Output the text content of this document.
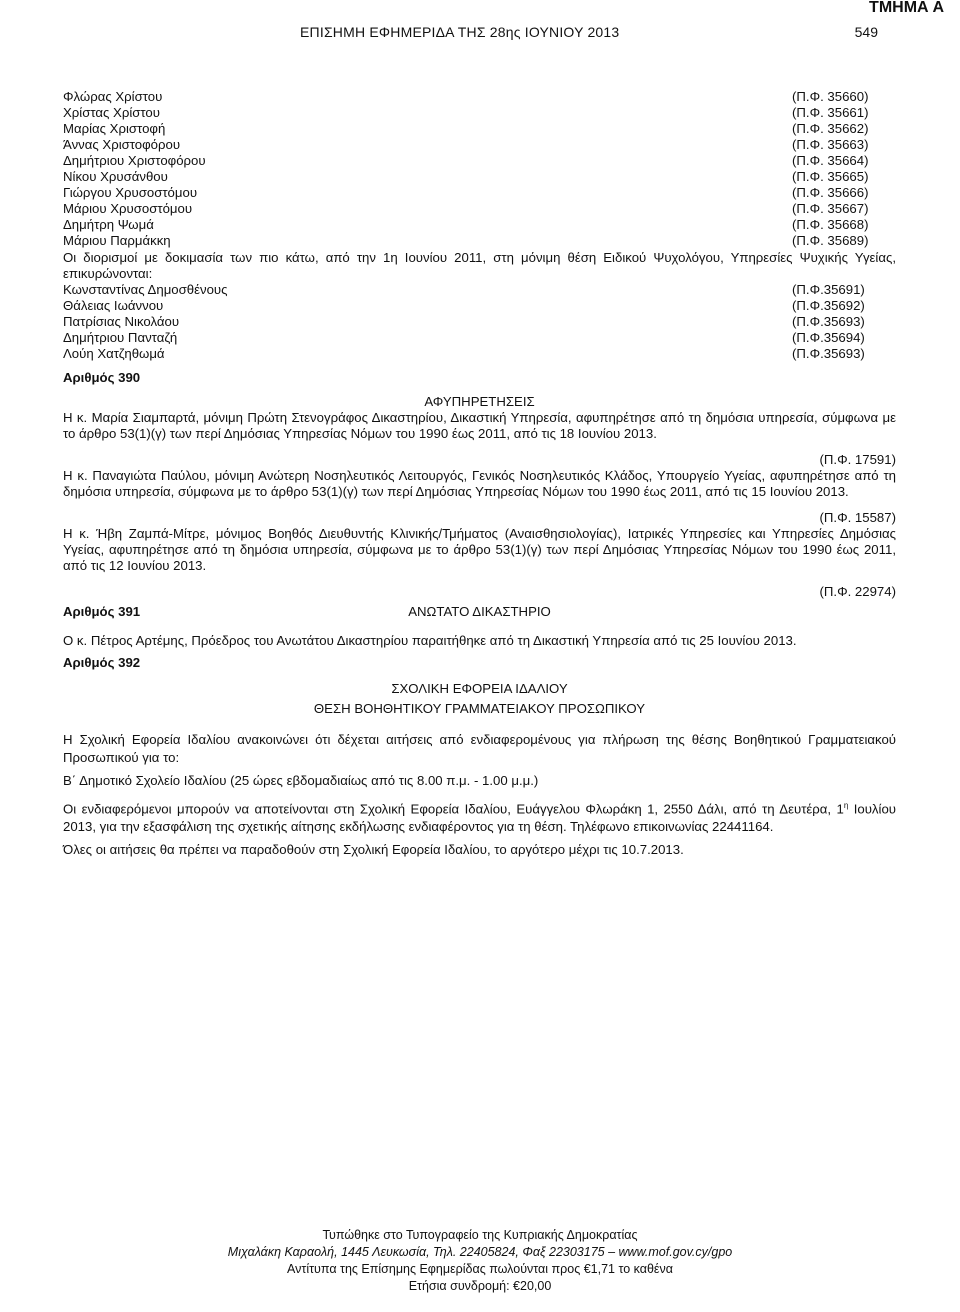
ΤΜΗΜΑ Α
ΕΠΙΣΗΜΗ ΕΦΗΜΕΡΙΔΑ ΤΗΣ 28ης ΙΟΥΝΙΟΥ 2013	549
Φλώρας Χρίστου	(Π.Φ. 35660)
Χρίστας Χρίστου	(Π.Φ. 35661)
Μαρίας Χριστοφή	(Π.Φ. 35662)
Άννας Χριστοφόρου	(Π.Φ. 35663)
Δημήτριου Χριστοφόρου	(Π.Φ. 35664)
Νίκου Χρυσάνθου	(Π.Φ. 35665)
Γιώργου Χρυσοστόμου	(Π.Φ. 35666)
Μάριου Χρυσοστόμου	(Π.Φ. 35667)
Δημήτρη Ψωμά	(Π.Φ. 35668)
Μάριου Παρμάκκη	(Π.Φ. 35689)
Οι διορισμοί με δοκιμασία των πιο κάτω, από την 1η Ιουνίου 2011, στη μόνιμη θέση Ειδικού Ψυχολόγου, Υπηρεσίες Ψυχικής Υγείας, επικυρώνονται:
Κωνσταντίνας Δημοσθένους	(Π.Φ.35691)
Θάλειας Ιωάννου	(Π.Φ.35692)
Πατρίσιας Νικολάου	(Π.Φ.35693)
Δημήτριου Πανταζή	(Π.Φ.35694)
Λούη Χατζηθωμά	(Π.Φ.35693)
Αριθμός 390
ΑΦΥΠΗΡΕΤΗΣΕΙΣ
Η κ. Μαρία Σιαμπαρτά, μόνιμη Πρώτη Στενογράφος Δικαστηρίου, Δικαστική Υπηρεσία, αφυπηρέτησε από τη δημόσια υπηρεσία, σύμφωνα με το άρθρο 53(1)(γ) των περί Δημόσιας Υπηρεσίας Νόμων του 1990 έως 2011, από τις 18 Ιουνίου 2013.
(Π.Φ. 17591)
Η κ. Παναγιώτα Παύλου, μόνιμη Ανώτερη Νοσηλευτικός Λειτουργός, Γενικός Νοσηλευτικός Κλάδος, Υπουργείο Υγείας, αφυπηρέτησε από τη δημόσια υπηρεσία, σύμφωνα με το άρθρο 53(1)(γ) των περί Δημόσιας Υπηρεσίας Νόμων του 1990 έως 2011, από τις 15 Ιουνίου 2013.
(Π.Φ. 15587)
Η κ. Ήβη Ζαμπά-Μίτρε, μόνιμος Βοηθός Διευθυντής Κλινικής/Τμήματος (Αναισθησιολογίας), Ιατρικές Υπηρεσίες και Υπηρεσίες Δημόσιας Υγείας, αφυπηρέτησε από τη δημόσια υπηρεσία, σύμφωνα με το άρθρο 53(1)(γ) των περί Δημόσιας Υπηρεσίας Νόμων του 1990 έως 2011, από τις 12 Ιουνίου 2013.
(Π.Φ. 22974)
Αριθμός 391	ΑΝΩΤΑΤΟ ΔΙΚΑΣΤΗΡΙΟ
Ο κ. Πέτρος Αρτέμης, Πρόεδρος του Ανωτάτου Δικαστηρίου παραιτήθηκε από τη Δικαστική Υπηρεσία από τις 25 Ιουνίου 2013.
Αριθμός 392
ΣΧΟΛΙΚΗ ΕΦΟΡΕΙΑ ΙΔΑΛΙΟΥ
ΘΕΣΗ ΒΟΗΘΗΤΙΚΟΥ ΓΡΑΜΜΑΤΕΙΑΚΟΥ ΠΡΟΣΩΠΙΚΟΥ
Η Σχολική Εφορεία Ιδαλίου ανακοινώνει ότι δέχεται αιτήσεις από ενδιαφερομένους για πλήρωση της θέσης Βοηθητικού Γραμματειακού Προσωπικού για το:
Β΄ Δημοτικό Σχολείο Ιδαλίου (25 ώρες εβδομαδιαίως από τις 8.00 π.μ. - 1.00 μ.μ.)
Οι ενδιαφερόμενοι μπορούν να αποτείνονται στη Σχολική Εφορεία Ιδαλίου, Ευάγγελου Φλωράκη 1, 2550 Δάλι, από τη Δευτέρα, $1^\eta$ Ιουλίου 2013, για την εξασφάλιση της σχετικής αίτησης εκδήλωσης ενδιαφέροντος για τη θέση. Τηλέφωνο επικοινωνίας 22441164.
Όλες οι αιτήσεις θα πρέπει να παραδοθούν στη Σχολική Εφορεία Ιδαλίου, το αργότερο μέχρι τις 10.7.2013.
Τυπώθηκε στο Τυπογραφείο της Κυπριακής Δημοκρατίας
Μιχαλάκη Καραολή, 1445 Λευκωσία, Τηλ. 22405824, Φαξ 22303175 – www.mof.gov.cy/gpo
Αντίτυπα της Επίσημης Εφημερίδας πωλούνται προς €1,71 το καθένα
Ετήσια συνδρομή: €20,00
